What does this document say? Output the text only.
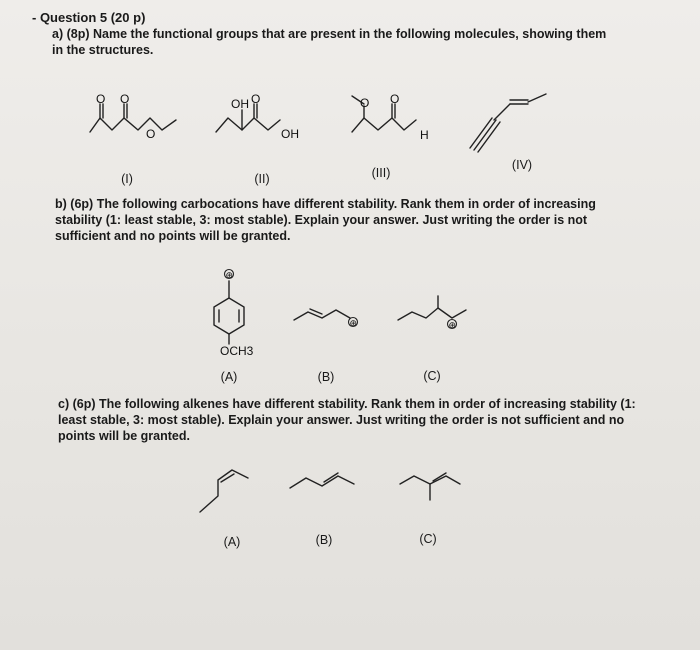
- Question 5 (20 p)
a) (8p) Name the functional groups that are present in the following molecules, showing them in the structures.
O O
O
OH O
OH
O O
H
(I)	(II)	(III)
(IV)
b) (6p) The following carbocations have different stability. Rank them in order of increasing stability (1: least stable, 3: most stable). Explain your answer. Just writing the order is not sufficient and no points will be granted.
⊕
OCH3
⊕	⊕
(A)	(B)	(C)
c) (6p) The following alkenes have different stability. Rank them in order of increasing stability (1: least stable, 3: most stable). Explain your answer. Just writing the order is not sufficient and no points will be granted.
(A)	(B)	(C)
